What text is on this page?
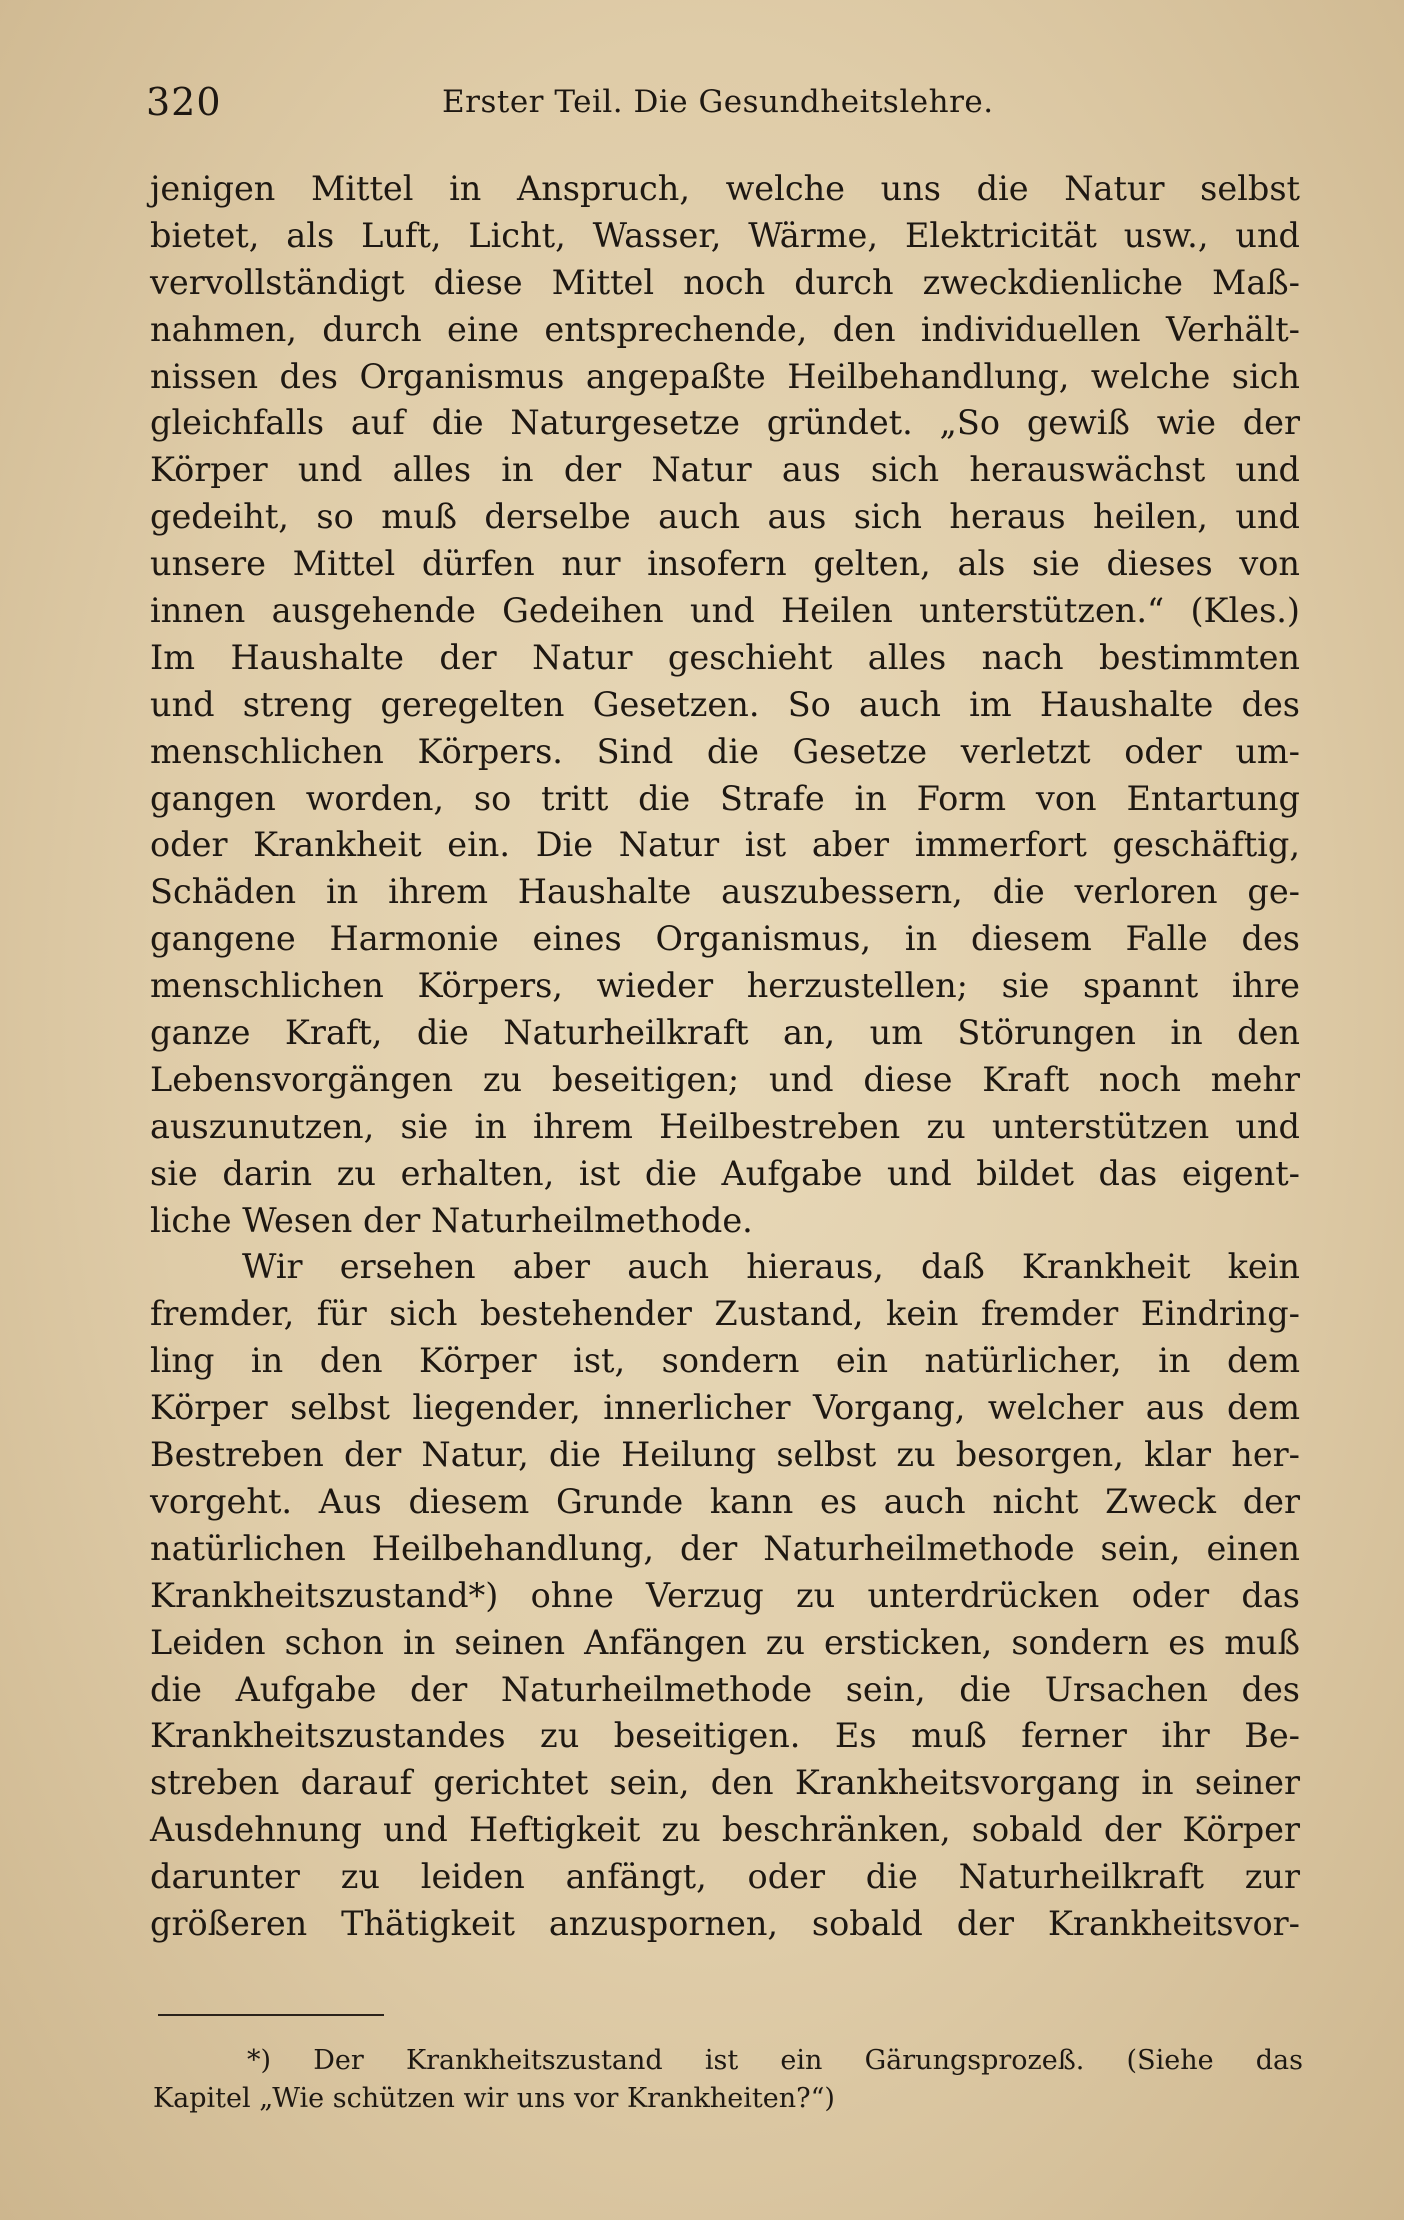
320	Erster Teil. Die Gesundheitslehre.
jenigen Mittel in Anspruch, welche uns die Natur selbst
bietet, als Luft, Licht, Wasser, Wärme, Elektricität usw., und
vervollständigt diese Mittel noch durch zweckdienliche Maß-
nahmen, durch eine entsprechende, den individuellen Verhält-
nissen des Organismus angepaßte Heilbehandlung, welche sich
gleichfalls auf die Naturgesetze gründet. „So gewiß wie der
Körper und alles in der Natur aus sich herauswächst und
gedeiht, so muß derselbe auch aus sich heraus heilen, und
unsere Mittel dürfen nur insofern gelten, als sie dieses von
innen ausgehende Gedeihen und Heilen unterstützen.“ (Kles.)
Im Haushalte der Natur geschieht alles nach bestimmten
und streng geregelten Gesetzen. So auch im Haushalte des
menschlichen Körpers. Sind die Gesetze verletzt oder um-
gangen worden, so tritt die Strafe in Form von Entartung
oder Krankheit ein. Die Natur ist aber immerfort geschäftig,
Schäden in ihrem Haushalte auszubessern, die verloren ge-
gangene Harmonie eines Organismus, in diesem Falle des
menschlichen Körpers, wieder herzustellen; sie spannt ihre
ganze Kraft, die Naturheilkraft an, um Störungen in den
Lebensvorgängen zu beseitigen; und diese Kraft noch mehr
auszunutzen, sie in ihrem Heilbestreben zu unterstützen und
sie darin zu erhalten, ist die Aufgabe und bildet das eigent-
liche Wesen der Naturheilmethode.
Wir ersehen aber auch hieraus, daß Krankheit kein
fremder, für sich bestehender Zustand, kein fremder Eindring-
ling in den Körper ist, sondern ein natürlicher, in dem
Körper selbst liegender, innerlicher Vorgang, welcher aus dem
Bestreben der Natur, die Heilung selbst zu besorgen, klar her-
vorgeht. Aus diesem Grunde kann es auch nicht Zweck der
natürlichen Heilbehandlung, der Naturheilmethode sein, einen
Krankheitszustand*) ohne Verzug zu unterdrücken oder das
Leiden schon in seinen Anfängen zu ersticken, sondern es muß
die Aufgabe der Naturheilmethode sein, die Ursachen des
Krankheitszustandes zu beseitigen. Es muß ferner ihr Be-
streben darauf gerichtet sein, den Krankheitsvorgang in seiner
Ausdehnung und Heftigkeit zu beschränken, sobald der Körper
darunter zu leiden anfängt, oder die Naturheilkraft zur
größeren Thätigkeit anzuspornen, sobald der Krankheitsvor-
*) Der Krankheitszustand ist ein Gärungsprozeß. (Siehe das
Kapitel „Wie schützen wir uns vor Krankheiten?“)
